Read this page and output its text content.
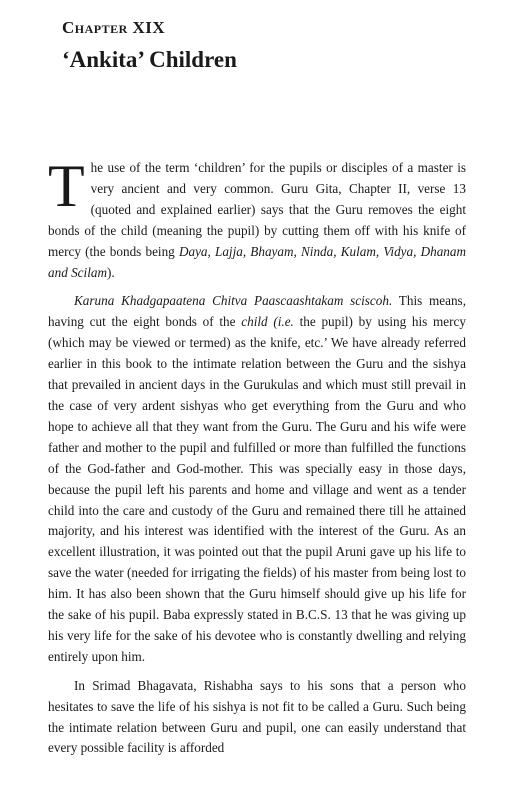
Chapter XIX
‘Ankita’ Children

The use of the term ‘children’ for the pupils or disciples of a master is very ancient and very common. Guru Gita, Chapter II, verse 13 (quoted and explained earlier) says that the Guru removes the eight bonds of the child (meaning the pupil) by cutting them off with his knife of mercy (the bonds being Daya, Lajja, Bhayam, Ninda, Kulam, Vidya, Dhanam and Scilam).

Karuna Khadgapaatena Chitva Paascaashtakam sciscoh. This means, having cut the eight bonds of the child (i.e. the pupil) by using his mercy (which may be viewed or termed) as the knife, etc.’ We have already referred earlier in this book to the intimate relation between the Guru and the sishya that prevailed in ancient days in the Gurukulas and which must still prevail in the case of very ardent sishyas who get everything from the Guru and who hope to achieve all that they want from the Guru. The Guru and his wife were father and mother to the pupil and fulfilled or more than fulfilled the functions of the God-father and God-mother. This was specially easy in those days, because the pupil left his parents and home and village and went as a tender child into the care and custody of the Guru and remained there till he attained majority, and his interest was identified with the interest of the Guru. As an excellent illustration, it was pointed out that the pupil Aruni gave up his life to save the water (needed for irrigating the fields) of his master from being lost to him. It has also been shown that the Guru himself should give up his life for the sake of his pupil. Baba expressly stated in B.C.S. 13 that he was giving up his very life for the sake of his devotee who is constantly dwelling and relying entirely upon him.

In Srimad Bhagavata, Rishabha says to his sons that a person who hesitates to save the life of his sishya is not fit to be called a Guru. Such being the intimate relation between Guru and pupil, one can easily understand that every possible facility is afforded
